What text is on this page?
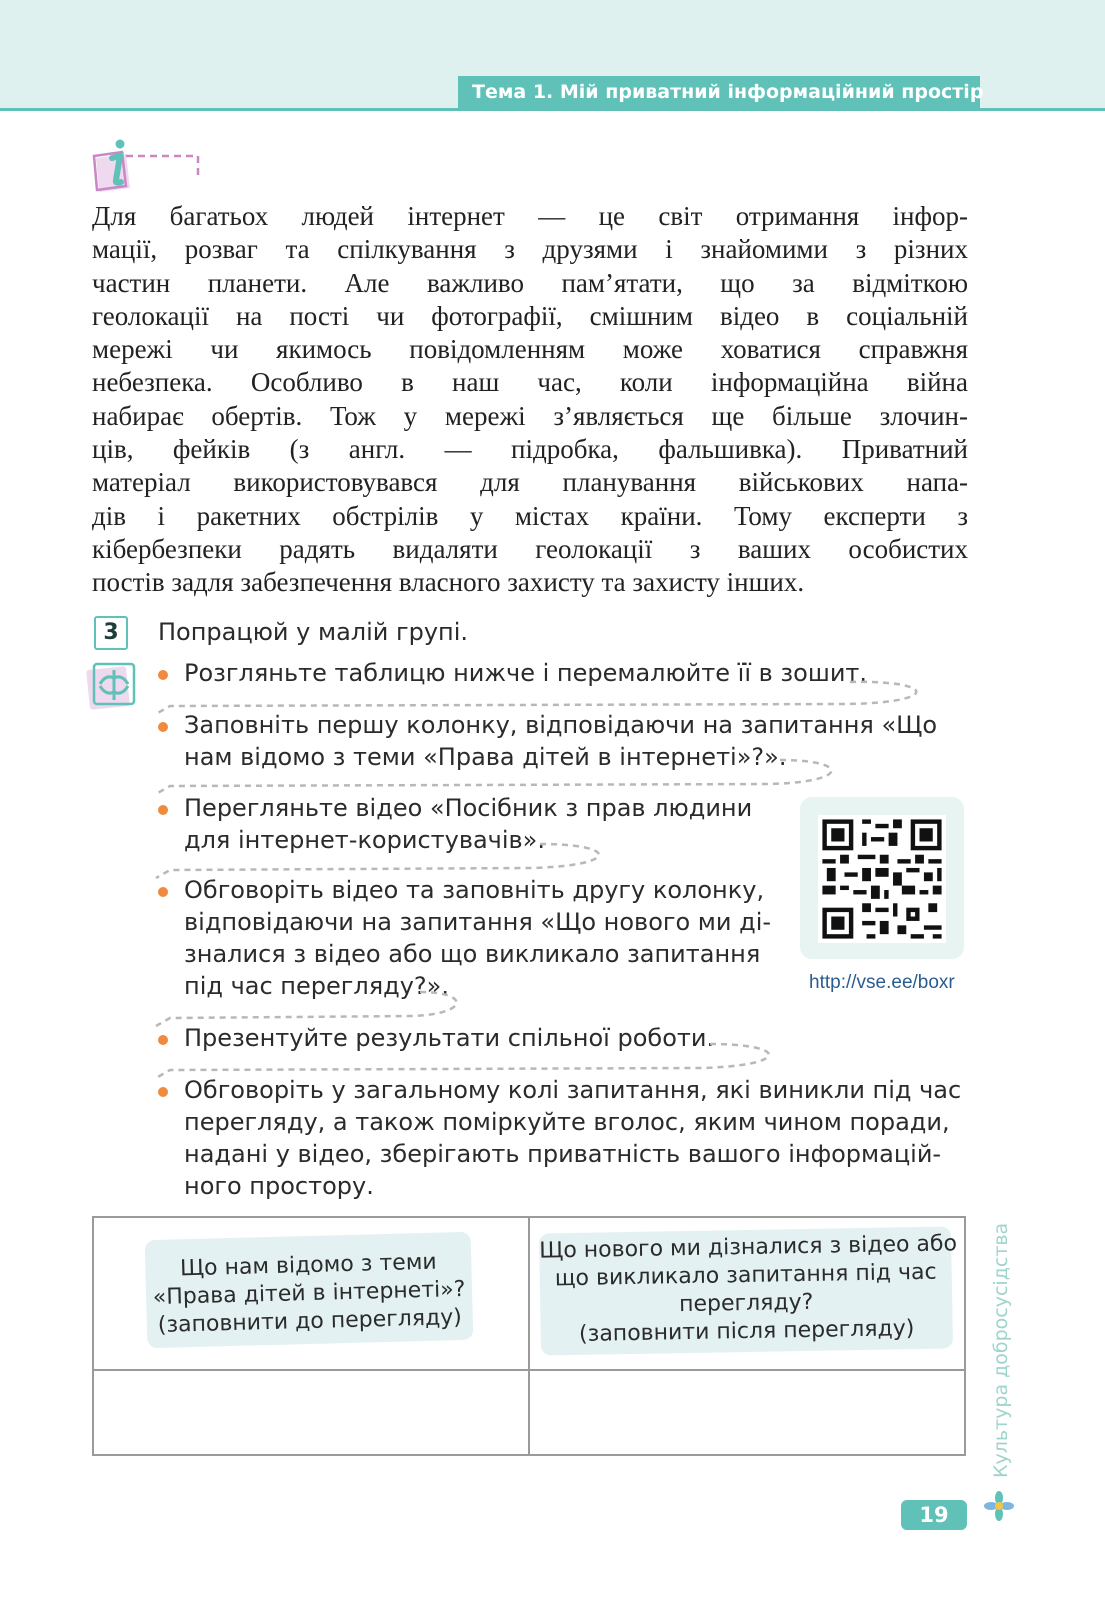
Тема 1. Мій приватний інформаційний простір
Для багатьох людей інтернет — це світ отримання інфор-
мації, розваг та спілкування з друзями і знайомими з різних
частин планети. Але важливо пам’ятати, що за відміткою
геолокації на пості чи фотографії, смішним відео в соціальній
мережі чи якимось повідомленням може ховатися справжня
небезпека. Особливо в наш час, коли інформаційна війна
набирає обертів. Тож у мережі з’являється ще більше злочин-
ців, фейків (з англ. — підробка, фальшивка). Приватний
матеріал використовувався для планування військових напа-
дів і ракетних обстрілів у містах країни. Тому експерти з
кібербезпеки радять видаляти геолокації з ваших особистих
постів задля забезпечення власного захисту та захисту інших.
3	Попрацюй у малій групі.
Розгляньте таблицю нижче і перемалюйте її в зошит.
Заповніть першу колонку, відповідаючи на запитання «Що
нам відомо з теми «Права дітей в інтернеті»?».
Перегляньте відео «Посібник з прав людини
для інтернет-користувачів».
Обговоріть відео та заповніть другу колонку,
відповідаючи на запитання «Що нового ми ді-
зналися з відео або що викликало запитання
під час перегляду?».
Презентуйте результати спільної роботи.
Обговоріть у загальному колі запитання, які виникли під час
перегляду, а також поміркуйте вголос, яким чином поради,
надані у відео, зберігають приватність вашого інформацій-
ного простору.
http://vse.ee/boxr
Що нам відомо з теми
«Права дітей в інтернеті»?
(заповнити до перегляду)
Що нового ми дізналися з відео або
що викликало запитання під час
перегляду?
(заповнити після перегляду)	Культура добросусідства
19
